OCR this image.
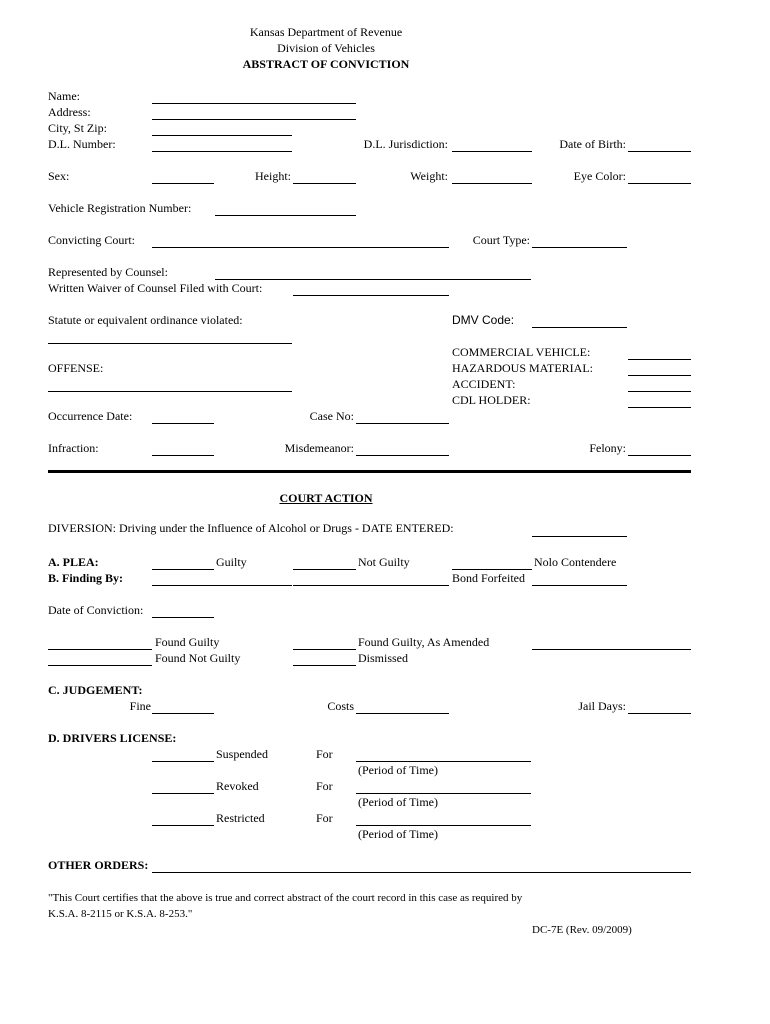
Kansas Department of Revenue
Division of Vehicles
ABSTRACT OF CONVICTION
Name:
Address:
City, St Zip:
D.L. Number:	D.L. Jurisdiction:	Date of Birth:
Sex:	Height:	Weight:	Eye Color:
Vehicle Registration Number:
Convicting Court:	Court Type:
Represented by Counsel:
Written Waiver of Counsel Filed with Court:
Statute or equivalent ordinance violated:	DMV Code:
OFFENSE:
COMMERCIAL VEHICLE:
HAZARDOUS MATERIAL:
ACCIDENT:
CDL HOLDER:
Occurrence Date:	Case No:
Infraction:	Misdemeanor:	Felony:
COURT ACTION
DIVERSION: Driving under the Influence of Alcohol or Drugs - DATE ENTERED:
A. PLEA:	Guilty	Not Guilty	Nolo Contendere
B. Finding By:	Bond Forfeited
Date of Conviction:
Found Guilty	Found Guilty, As Amended
Found Not Guilty	Dismissed
C. JUDGEMENT:
Fine	Costs	Jail Days:
D. DRIVERS LICENSE:
Suspended	For
(Period of Time)
Revoked	For
(Period of Time)
Restricted	For
(Period of Time)
OTHER ORDERS:
"This Court certifies that the above is true and correct abstract of the court record in this case as required by
K.S.A. 8-2115 or K.S.A. 8-253."
DC-7E (Rev. 09/2009)
